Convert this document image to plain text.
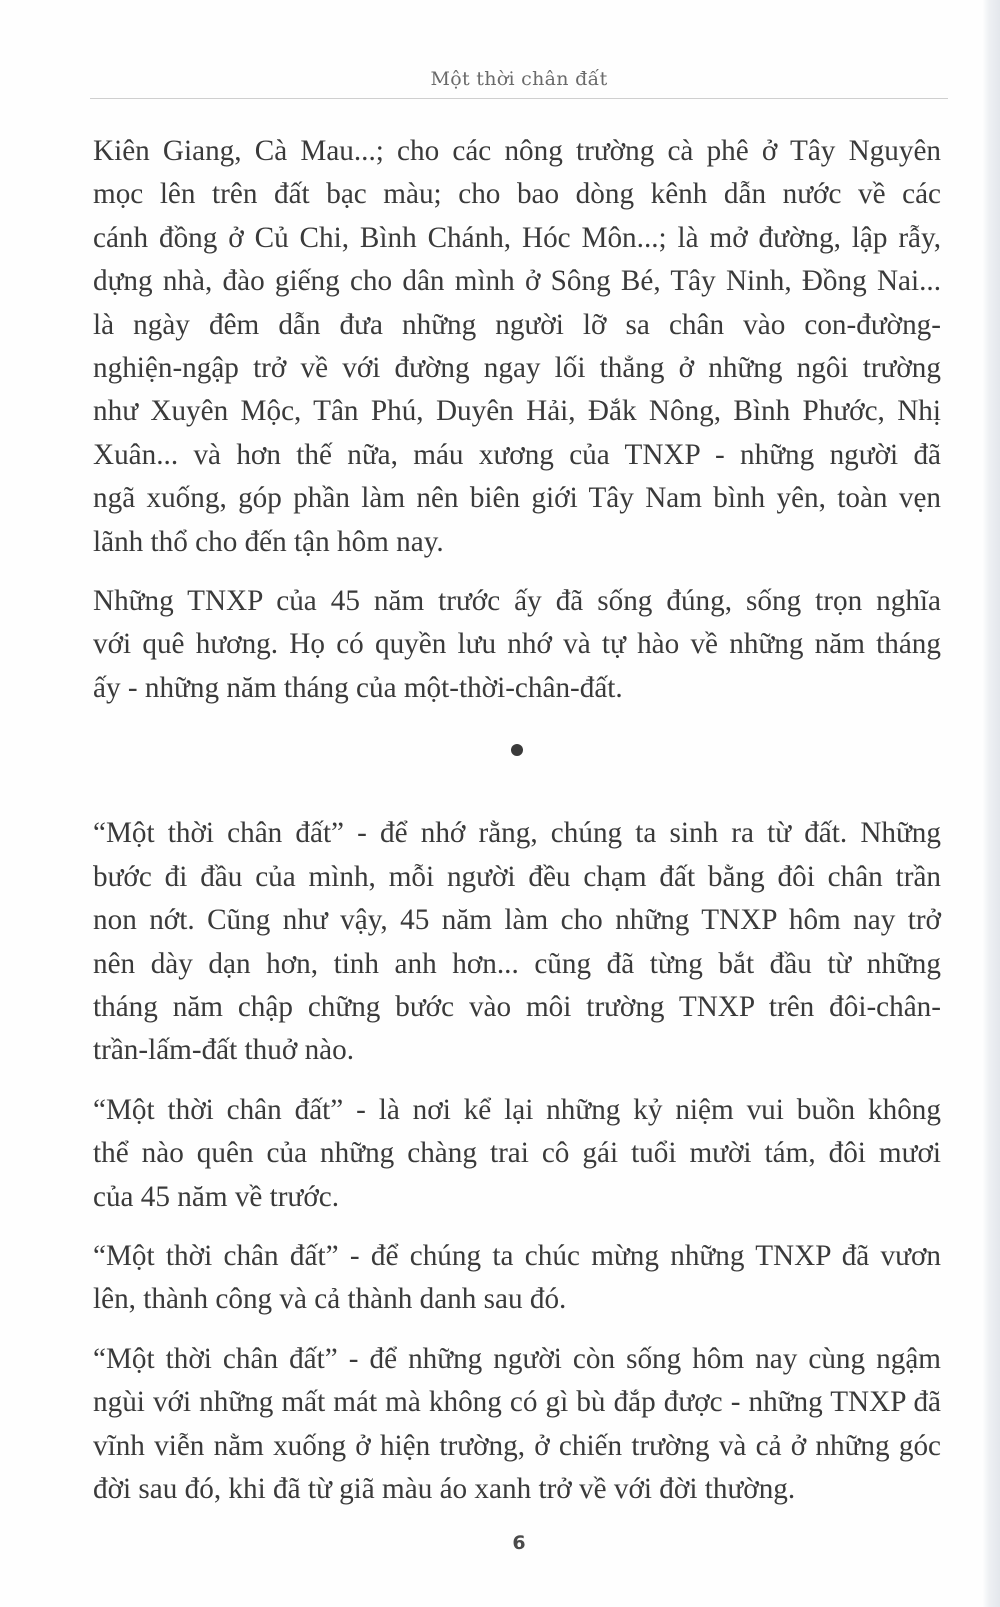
Một thời chân đất
Kiên Giang, Cà Mau...; cho các nông trường cà phê ở Tây Nguyên
mọc lên trên đất bạc màu; cho bao dòng kênh dẫn nước về các
cánh đồng ở Củ Chi, Bình Chánh, Hóc Môn...; là mở đường, lập rẫy,
dựng nhà, đào giếng cho dân mình ở Sông Bé, Tây Ninh, Đồng Nai...
là ngày đêm dẫn đưa những người lỡ sa chân vào con-đường-
nghiện-ngập trở về với đường ngay lối thẳng ở những ngôi trường
như Xuyên Mộc, Tân Phú, Duyên Hải, Đắk Nông, Bình Phước, Nhị
Xuân... và hơn thế nữa, máu xương của TNXP - những người đã
ngã xuống, góp phần làm nên biên giới Tây Nam bình yên, toàn vẹn
lãnh thổ cho đến tận hôm nay.
Những TNXP của 45 năm trước ấy đã sống đúng, sống trọn nghĩa
với quê hương. Họ có quyền lưu nhớ và tự hào về những năm tháng
ấy - những năm tháng của một-thời-chân-đất.
“Một thời chân đất” - để nhớ rằng, chúng ta sinh ra từ đất. Những
bước đi đầu của mình, mỗi người đều chạm đất bằng đôi chân trần
non nớt. Cũng như vậy, 45 năm làm cho những TNXP hôm nay trở
nên dày dạn hơn, tinh anh hơn... cũng đã từng bắt đầu từ những
tháng năm chập chững bước vào môi trường TNXP trên đôi-chân-
trần-lấm-đất thuở nào.
“Một thời chân đất” - là nơi kể lại những kỷ niệm vui buồn không
thể nào quên của những chàng trai cô gái tuổi mười tám, đôi mươi
của 45 năm về trước.
“Một thời chân đất” - để chúng ta chúc mừng những TNXP đã vươn
lên, thành công và cả thành danh sau đó.
“Một thời chân đất” - để những người còn sống hôm nay cùng ngậm
ngùi với những mất mát mà không có gì bù đắp được - những TNXP đã
vĩnh viễn nằm xuống ở hiện trường, ở chiến trường và cả ở những góc
đời sau đó, khi đã từ giã màu áo xanh trở về với đời thường.
6
